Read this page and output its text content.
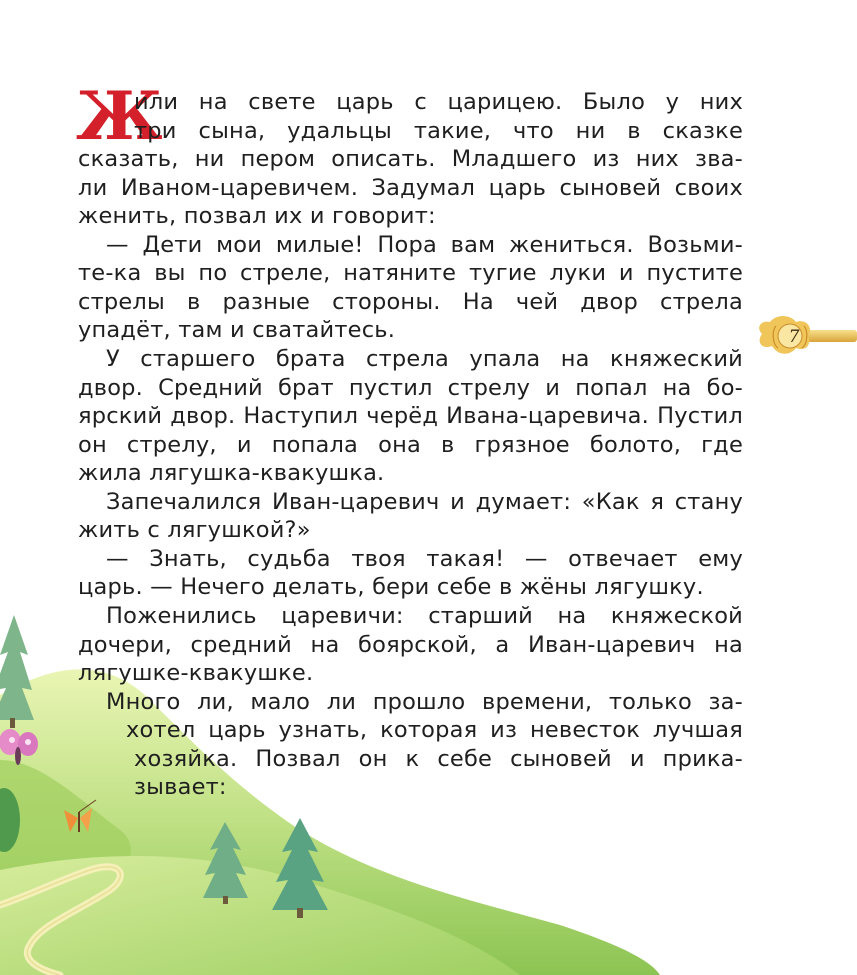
Ж
7
или на свете царь с царицею. Было у них
три сына, удальцы такие, что ни в сказке
сказать, ни пером описать. Младшего из них зва-
ли Иваном-царевичем. Задумал царь сыновей своих
женить, позвал их и говорит:
— Дети мои милые! Пора вам жениться. Возьми-
те-ка вы по стреле, натяните тугие луки и пустите
стрелы в разные стороны. На чей двор стрела
упадёт, там и сватайтесь.
У старшего брата стрела упала на княжеский
двор. Средний брат пустил стрелу и попал на бо-
ярский двор. Наступил черёд Ивана-царевича. Пустил
он стрелу, и попала она в грязное болото, где
жила лягушка-квакушка.
Запечалился Иван-царевич и думает: «Как я стану
жить с лягушкой?»
— Знать, судьба твоя такая! — отвечает ему
царь. — Нечего делать, бери себе в жёны лягушку.
Поженились царевичи: старший на княжеской
дочери, средний на боярской, а Иван-царевич на
лягушке-квакушке.
Много ли, мало ли прошло времени, только за-
хотел царь узнать, которая из невесток лучшая
хозяйка. Позвал он к себе сыновей и прика-
зывает:
